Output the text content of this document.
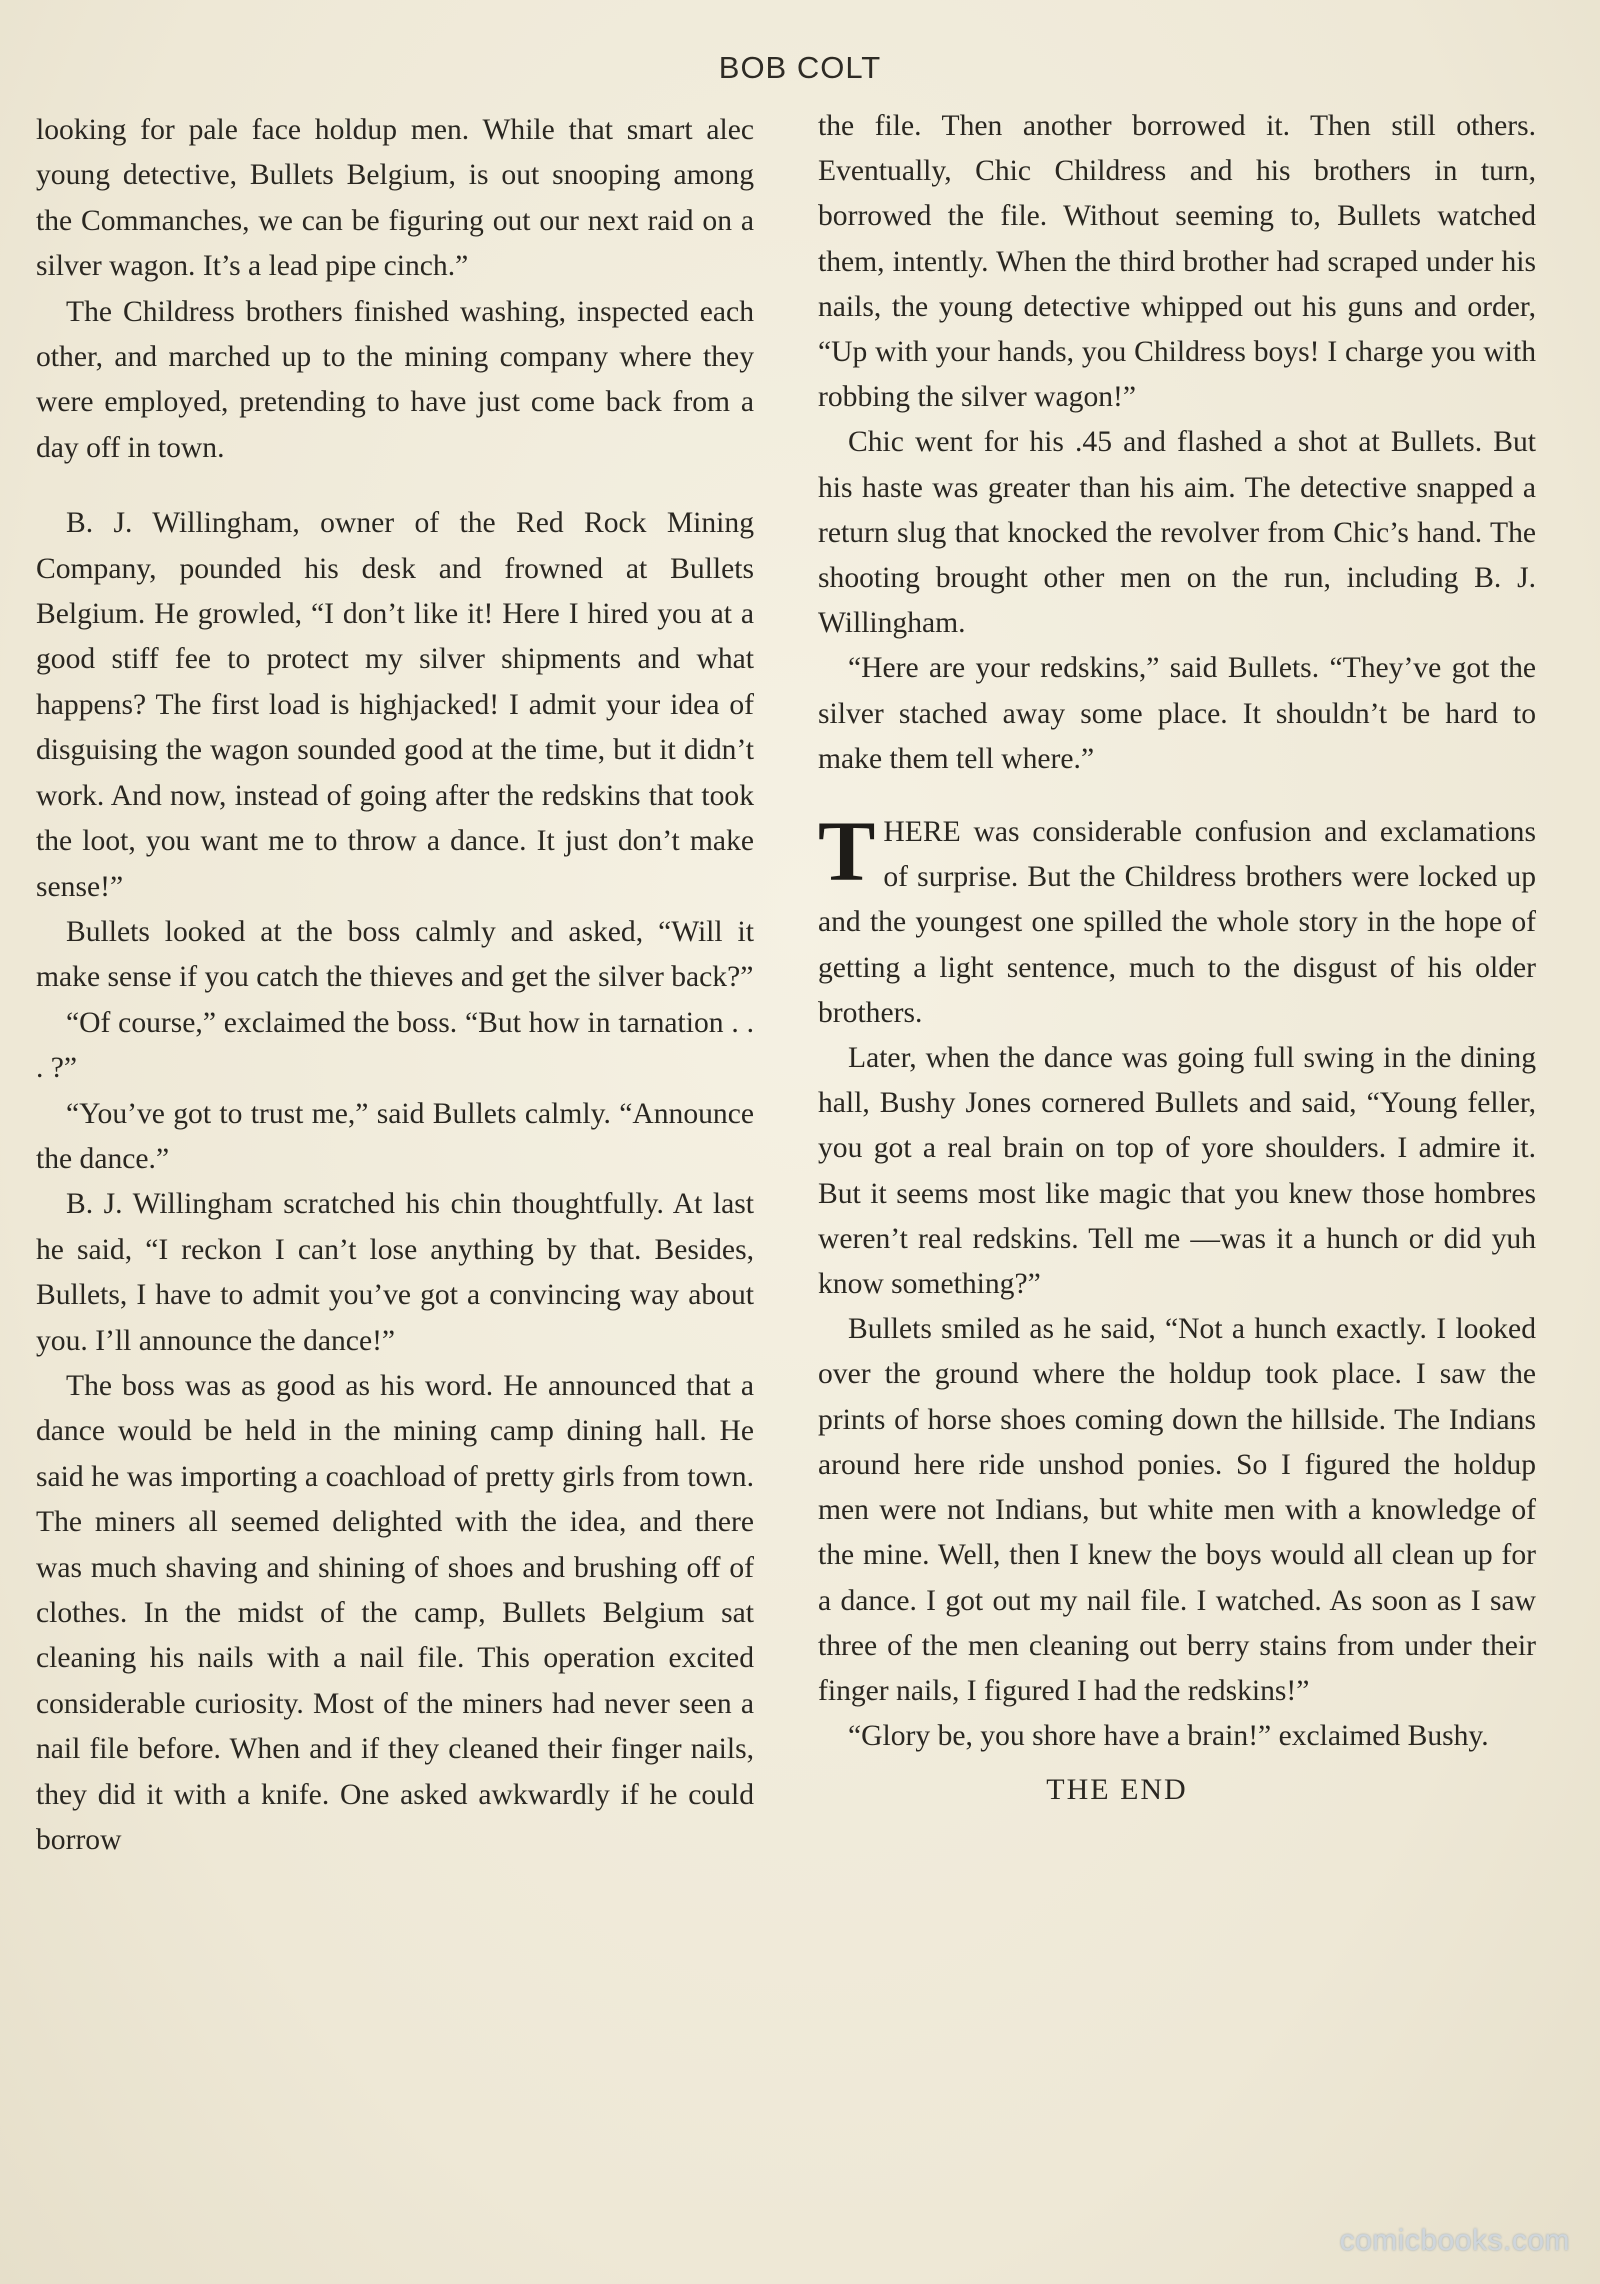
BOB COLT

looking for pale face holdup men. While that smart alec young detective, Bullets Belgium, is out snooping among the Commanches, we can be figuring out our next raid on a silver wagon. It’s a lead pipe cinch.”

The Childress brothers finished washing, inspected each other, and marched up to the mining company where they were employed, pretending to have just come back from a day off in town.

B. J. Willingham, owner of the Red Rock Mining Company, pounded his desk and frowned at Bullets Belgium. He growled, “I don’t like it! Here I hired you at a good stiff fee to protect my silver shipments and what happens? The first load is highjacked! I admit your idea of disguising the wagon sounded good at the time, but it didn’t work. And now, instead of going after the redskins that took the loot, you want me to throw a dance. It just don’t make sense!”

Bullets looked at the boss calmly and asked, “Will it make sense if you catch the thieves and get the silver back?”

“Of course,” exclaimed the boss. “But how in tarnation . . . ?”

“You’ve got to trust me,” said Bullets calmly. “Announce the dance.”

B. J. Willingham scratched his chin thoughtfully. At last he said, “I reckon I can’t lose anything by that. Besides, Bullets, I have to admit you’ve got a convincing way about you. I’ll announce the dance!”

The boss was as good as his word. He announced that a dance would be held in the mining camp dining hall. He said he was importing a coachload of pretty girls from town. The miners all seemed delighted with the idea, and there was much shaving and shining of shoes and brushing off of clothes. In the midst of the camp, Bullets Belgium sat cleaning his nails with a nail file. This operation excited considerable curiosity. Most of the miners had never seen a nail file before. When and if they cleaned their finger nails, they did it with a knife. One asked awkwardly if he could borrow

the file. Then another borrowed it. Then still others. Eventually, Chic Childress and his brothers in turn, borrowed the file. Without seeming to, Bullets watched them, intently. When the third brother had scraped under his nails, the young detective whipped out his guns and order, “Up with your hands, you Childress boys! I charge you with robbing the silver wagon!”

Chic went for his .45 and flashed a shot at Bullets. But his haste was greater than his aim. The detective snapped a return slug that knocked the revolver from Chic’s hand. The shooting brought other men on the run, including B. J. Willingham.

“Here are your redskins,” said Bullets. “They’ve got the silver stached away some place. It shouldn’t be hard to make them tell where.”

THERE was considerable confusion and exclamations of surprise. But the Childress brothers were locked up and the youngest one spilled the whole story in the hope of getting a light sentence, much to the disgust of his older brothers.

Later, when the dance was going full swing in the dining hall, Bushy Jones cornered Bullets and said, “Young feller, you got a real brain on top of yore shoulders. I admire it. But it seems most like magic that you knew those hombres weren’t real redskins. Tell me —was it a hunch or did yuh know something?”

Bullets smiled as he said, “Not a hunch exactly. I looked over the ground where the holdup took place. I saw the prints of horse shoes coming down the hillside. The Indians around here ride unshod ponies. So I figured the holdup men were not Indians, but white men with a knowledge of the mine. Well, then I knew the boys would all clean up for a dance. I got out my nail file. I watched. As soon as I saw three of the men cleaning out berry stains from under their finger nails, I figured I had the redskins!”

“Glory be, you shore have a brain!” exclaimed Bushy.

THE END
comicbooks.com
